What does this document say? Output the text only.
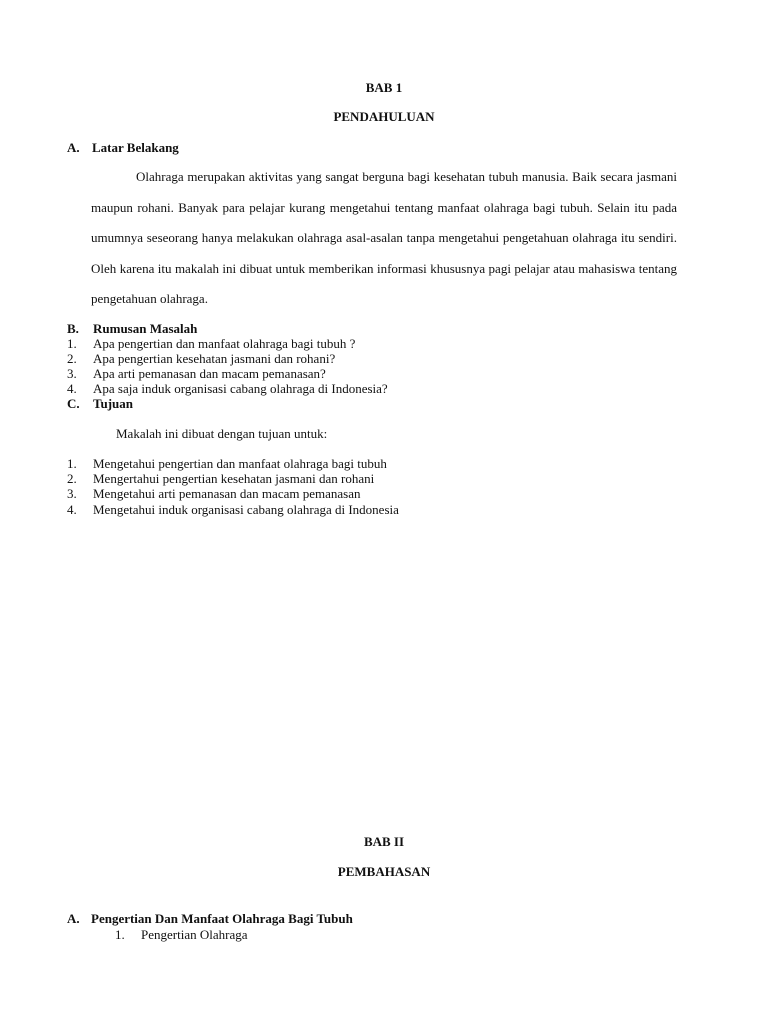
BAB 1
PENDAHULUAN
A. Latar Belakang
Olahraga merupakan aktivitas yang sangat berguna bagi kesehatan tubuh manusia. Baik secara jasmani maupun rohani. Banyak para pelajar kurang mengetahui tentang manfaat olahraga bagi tubuh. Selain itu pada umumnya seseorang hanya melakukan olahraga asal-asalan tanpa mengetahui pengetahuan olahraga itu sendiri. Oleh karena itu makalah ini dibuat untuk memberikan informasi khususnya pagi pelajar atau mahasiswa tentang pengetahuan olahraga.
B. Rumusan Masalah
1. Apa pengertian dan manfaat olahraga bagi tubuh ?
2. Apa pengertian kesehatan jasmani dan rohani?
3. Apa arti pemanasan dan macam pemanasan?
4. Apa saja induk organisasi cabang olahraga di Indonesia?
C. Tujuan
Makalah ini dibuat dengan tujuan untuk:
1. Mengetahui pengertian dan manfaat olahraga bagi tubuh
2. Mengertahui pengertian kesehatan jasmani dan rohani
3. Mengetahui arti pemanasan dan macam pemanasan
4. Mengetahui induk organisasi cabang olahraga di Indonesia
BAB II
PEMBAHASAN
A. Pengertian Dan Manfaat Olahraga Bagi Tubuh
1. Pengertian Olahraga
